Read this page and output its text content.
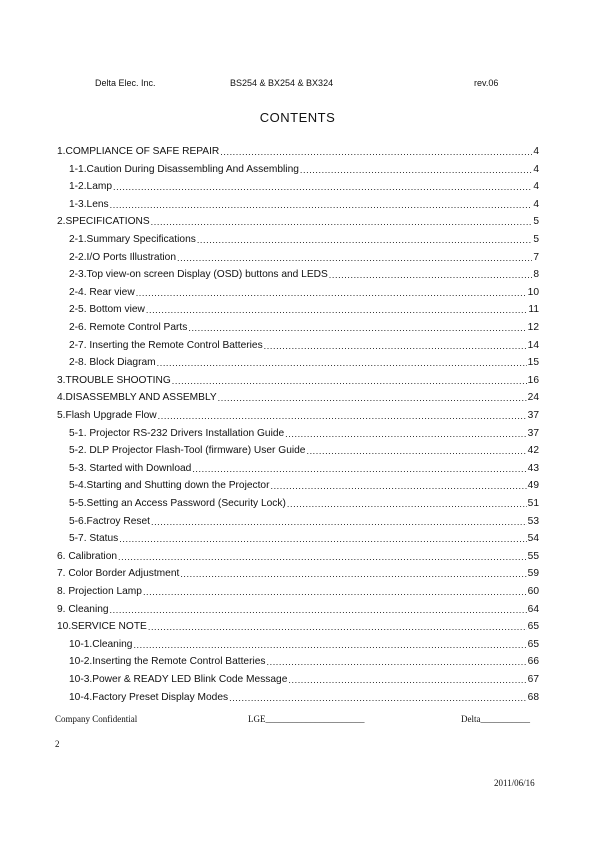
Delta Elec. Inc.	BS254 & BX254 & BX324	rev.06
CONTENTS
1.COMPLIANCE OF SAFE REPAIR .....	4
1-1.Caution During Disassembling And Assembling .....	4
1-2.Lamp .....	4
1-3.Lens .....	4
2.SPECIFICATIONS .....	5
2-1.Summary Specifications .....	5
2-2.I/O Ports Illustration .....	7
2-3.Top view-on screen Display (OSD) buttons and LEDS .....	8
2-4. Rear view .....	10
2-5. Bottom view .....	11
2-6. Remote Control Parts .....	12
2-7. Inserting the Remote Control Batteries .....	14
2-8. Block Diagram .....	15
3.TROUBLE SHOOTING .....	16
4.DISASSEMBLY AND ASSEMBLY .....	24
5.Flash Upgrade Flow .....	37
5-1. Projector RS-232 Drivers Installation Guide .....	37
5-2. DLP Projector Flash-Tool (firmware) User Guide .....	42
5-3. Started with Download .....	43
5-4.Starting and Shutting down the Projector .....	49
5-5.Setting an Access Password (Security Lock) .....	51
5-6.Factroy Reset .....	53
5-7. Status .....	54
6. Calibration .....	55
7. Color Border Adjustment .....	59
8. Projection Lamp .....	60
9. Cleaning .....	64
10.SERVICE NOTE .....	65
10-1.Cleaning .....	65
10-2.Inserting the Remote Control Batteries .....	66
10-3.Power & READY LED Blink Code Message .....	67
10-4.Factory Preset Display Modes .....	68
Company Confidential	LGE______________________	Delta___________
2
2011/06/16
